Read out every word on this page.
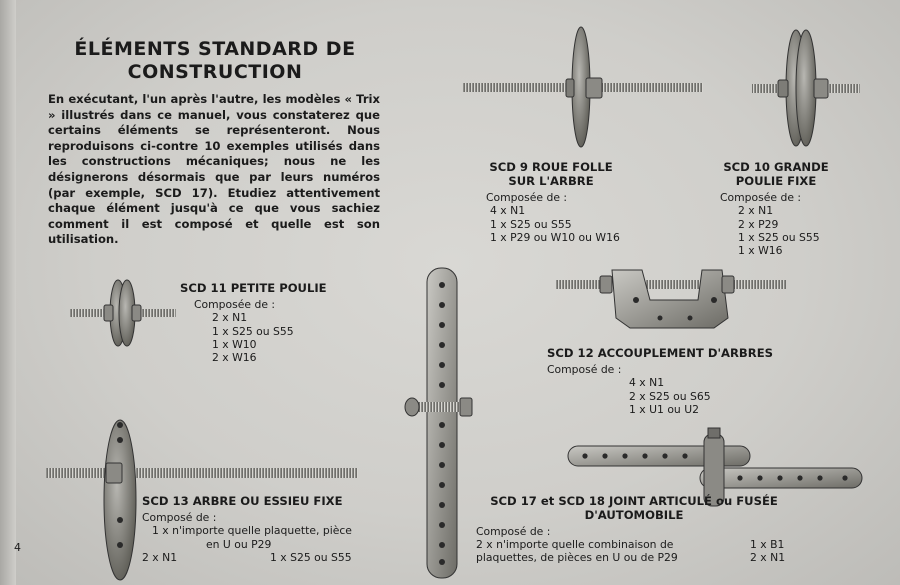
4
ÉLÉMENTS STANDARD DE
CONSTRUCTION

En exécutant, l'un après l'autre, les modèles « Trix » illustrés dans ce manuel, vous constaterez que certains éléments se représenteront. Nous reproduisons ci-contre 10 exemples utilisés dans les constructions mécaniques; nous ne les désignerons désormais que par leurs numéros (par exemple, SCD 17). Etudiez attentivement chaque élément jusqu'à ce que vous sachiez comment il est composé et quelle est son utilisation.

SCD 9 ROUE FOLLE
SUR L'ARBRE
Composée de :
4 x N1
1 x S25 ou S55
1 x P29 ou W10 ou W16
SCD 10 GRANDE
POULIE FIXE
Composée de :
2 x N1
2 x P29
1 x S25 ou S55
1 x W16
SCD 11 PETITE POULIE
Composée de :
2 x N1
1 x S25 ou S55
1 x W10
2 x W16	SCD 12 ACCOUPLEMENT D'ARBRES
Composé de :
4 x N1
2 x S25 ou S65
1 x U1 ou U2
SCD 13 ARBRE OU ESSIEU FIXE
Composé de :
1 x n'importe quelle plaquette, pièce
en U ou P29
2 x N1	1 x S25 ou S55
SCD 17 et SCD 18 JOINT ARTICULÉ ou FUSÉE
D'AUTOMOBILE
Composé de :
2 x n'importe quelle combinaison de
plaquettes, de pièces en U ou de P29
1 x B1
2 x N1
